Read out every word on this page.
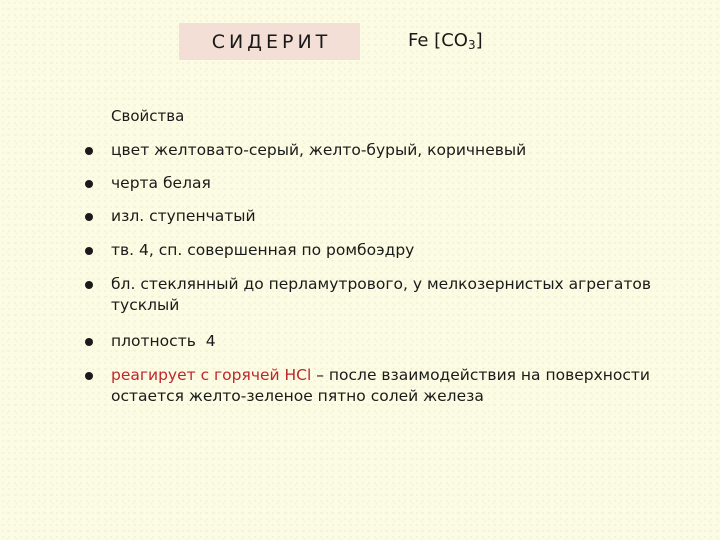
СИДЕРИТ	Fe $[CO_3]$
Свойства
цвет желтовато-серый, желто-бурый, коричневый
черта белая
изл. ступенчатый
тв. 4, сп. совершенная по ромбоэдру
бл. стеклянный до перламутрового, у мелкозернистых агрегатов тусклый
плотность  4
реагирует с горячей HCl – после взаимодействия на поверхности остается желто-зеленое пятно солей железа
